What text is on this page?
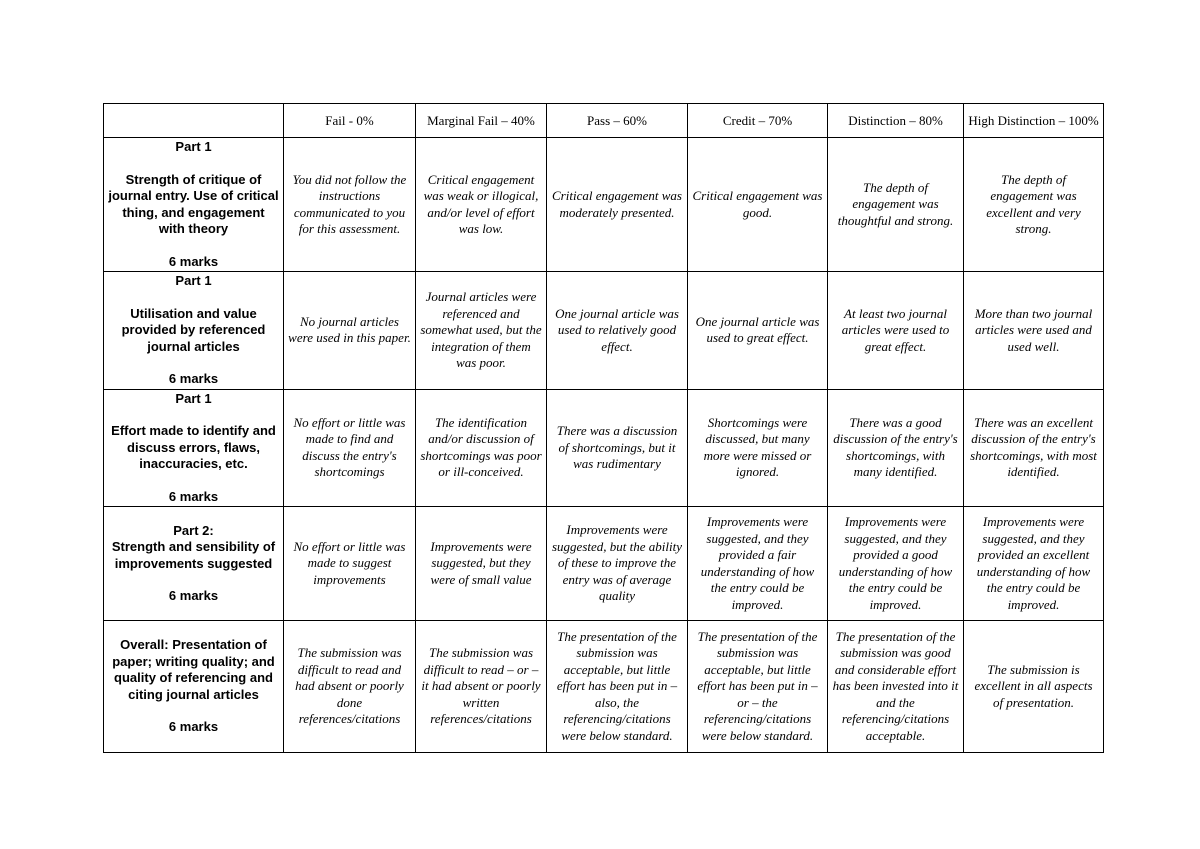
	Fail - 0%	Marginal Fail – 40%	Pass – 60%	Credit – 70%	Distinction – 80%	High Distinction – 100%

Part 1
Strength of critique of journal entry. Use of critical thing, and engagement with theory
6 marks	You did not follow the instructions communicated to you for this assessment.	Critical engagement was weak or illogical, and/or level of effort was low.	Critical engagement was moderately presented.	Critical engagement was good.	The depth of engagement was thoughtful and strong.	The depth of engagement was excellent and very strong.

Part 1
Utilisation and value provided by referenced journal articles
6 marks	No journal articles were used in this paper.	Journal articles were referenced and somewhat used, but the integration of them was poor.	One journal article was used to relatively good effect.	One journal article was used to great effect.	At least two journal articles were used to great effect.	More than two journal articles were used and used well.

Part 1
Effort made to identify and discuss errors, flaws, inaccuracies, etc.
6 marks	No effort or little was made to find and discuss the entry's shortcomings	The identification and/or discussion of shortcomings was poor or ill-conceived.	There was a discussion of shortcomings, but it was rudimentary	Shortcomings were discussed, but many more were missed or ignored.	There was a good discussion of the entry's shortcomings, with many identified.	There was an excellent discussion of the entry's shortcomings, with most identified.

Part 2:
Strength and sensibility of improvements suggested
6 marks	No effort or little was made to suggest improvements	Improvements were suggested, but they were of small value	Improvements were suggested, but the ability of these to improve the entry was of average quality	Improvements were suggested, and they provided a fair understanding of how the entry could be improved.	Improvements were suggested, and they provided a good understanding of how the entry could be improved.	Improvements were suggested, and they provided an excellent understanding of how the entry could be improved.

Overall: Presentation of paper; writing quality; and quality of referencing and citing journal articles
6 marks	The submission was difficult to read and had absent or poorly done references/citations	The submission was difficult to read – or – it had absent or poorly written references/citations	The presentation of the submission was acceptable, but little effort has been put in – also, the referencing/citations were below standard.	The presentation of the submission was acceptable, but little effort has been put in – or – the referencing/citations were below standard.	The presentation of the submission was good and considerable effort has been invested into it and the referencing/citations acceptable.	The submission is excellent in all aspects of presentation.
